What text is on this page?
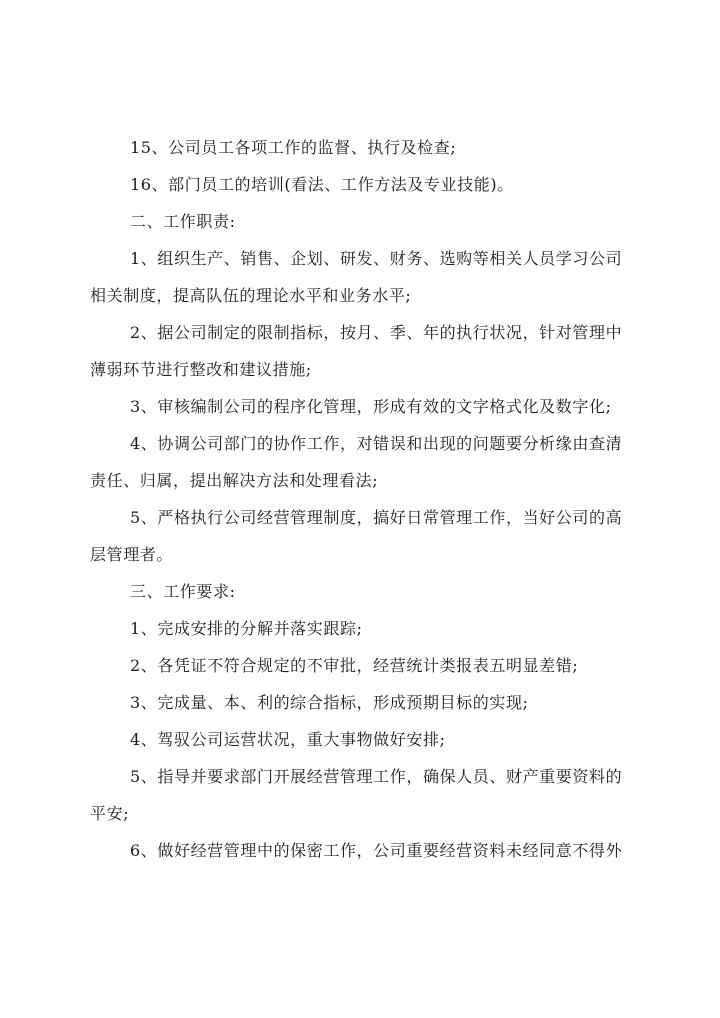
15、公司员工各项工作的监督、执行及检查;

16、部门员工的培训(看法、工作方法及专业技能)。

二、工作职责:

1、组织生产、销售、企划、研发、财务、选购等相关人员学习公司
相关制度，提高队伍的理论水平和业务水平;

2、据公司制定的限制指标，按月、季、年的执行状况，针对管理中
薄弱环节进行整改和建议措施;

3、审核编制公司的程序化管理，形成有效的文字格式化及数字化;

4、协调公司部门的协作工作，对错误和出现的问题要分析缘由查清
责任、归属，提出解决方法和处理看法;

5、严格执行公司经营管理制度，搞好日常管理工作，当好公司的高
层管理者。

三、工作要求:

1、完成安排的分解并落实跟踪;

2、各凭证不符合规定的不审批，经营统计类报表五明显差错;

3、完成量、本、利的综合指标，形成预期目标的实现;

4、驾驭公司运营状况，重大事物做好安排;

5、指导并要求部门开展经营管理工作，确保人员、财产重要资料的
平安;

6、做好经营管理中的保密工作，公司重要经营资料未经同意不得外
